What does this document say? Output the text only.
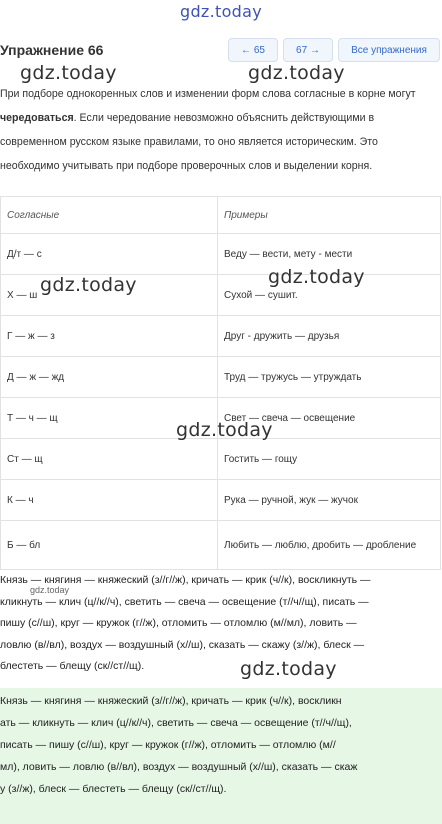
gdz.today
Упражнение 66	← 65	67 →	Все упражнения
При подборе однокоренных слов и изменении форм слова согласные в корне могут чередоваться. Если чередование невозможно объяснить действующими в современном русском языке правилами, то оно является историческим. Это необходимо учитывать при подборе проверочных слов и выделении корня.
Согласные	Примеры
Д/т — с	Веду — вести, мету - мести
Х — ш	Сухой — сушит.
Г — ж — з	Друг - дружить — друзья
Д — ж — жд	Труд — тружусь — утруждать
Т — ч — щ	Свет — свеча — освещение
Ст — щ	Гостить — гощу
К — ч	Рука — ручной, жук — жучок
Б — бл	Любить — люблю, дробить — дробление
Князь — княгиня — княжеский (з//г//ж), кричать — крик (ч//к), воскликнуть —
кликнуть — клич (ц//к//ч), светить — свеча — освещение (т//ч//щ), писать —
пишу (с//ш), круг — кружок (г//ж), отломить — отломлю (м//мл), ловить —
ловлю (в//вл), воздух — воздушный (х//ш), сказать — скажу (з//ж), блеск —
блестеть — блещу (ск//ст//щ).
Князь — княгиня — княжеский (з//г//ж), кричать — крик (ч//к), воскликн
ать — кликнуть — клич (ц//к//ч), светить — свеча — освещение (т//ч//щ),
писать — пишу (с//ш), круг — кружок (г//ж), отломить — отломлю (м//
мл), ловить — ловлю (в//вл), воздух — воздушный (х//ш), сказать — скаж
у (з//ж), блеск — блестеть — блещу (ск//ст//щ).
gdz.today	gdz.today
gdz.today	gdz.today
gdz.today
gdz.today
gdz.today
